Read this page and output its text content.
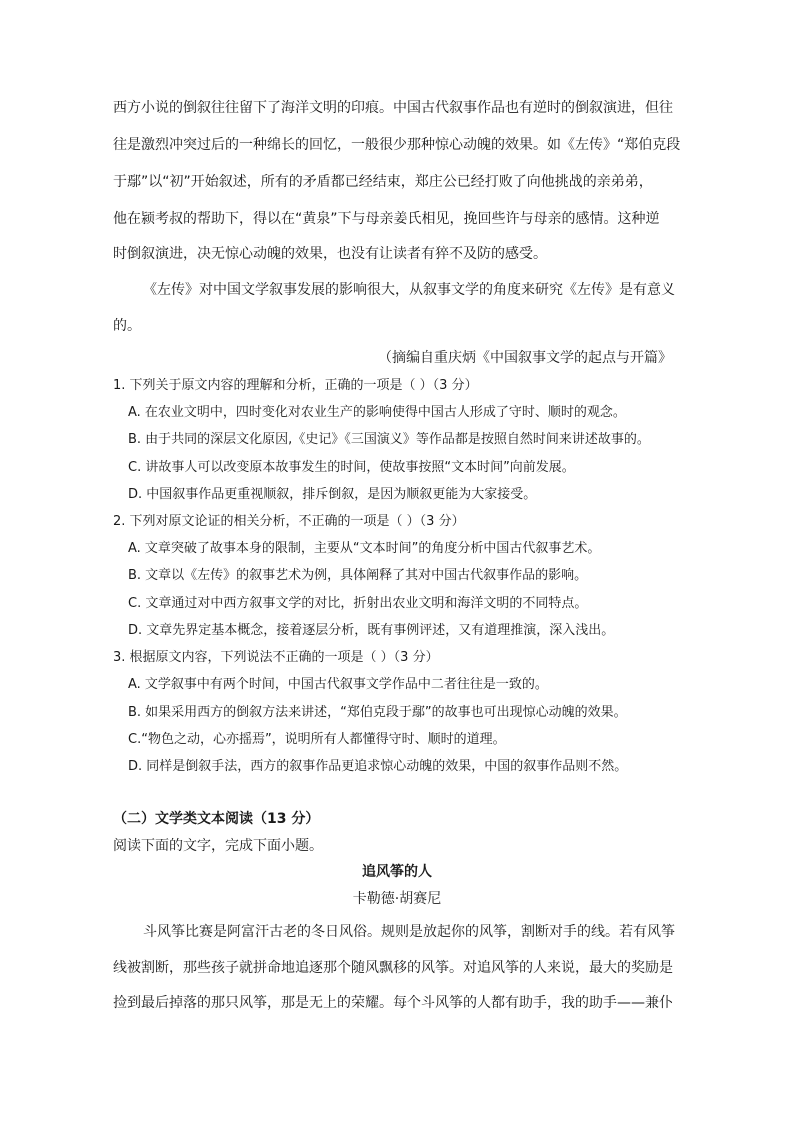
西方小说的倒叙往往留下了海洋文明的印痕。中国古代叙事作品也有逆时的倒叙演进，但往
往是激烈冲突过后的一种绵长的回忆，一般很少那种惊心动魄的效果。如《左传》“郑伯克段
于鄢”以“初”开始叙述，所有的矛盾都已经结束，郑庄公已经打败了向他挑战的亲弟弟，
他在颍考叔的帮助下，得以在“黄泉”下与母亲姜氏相见，挽回些许与母亲的感情。这种逆
时倒叙演进，决无惊心动魄的效果，也没有让读者有猝不及防的感受。
《左传》对中国文学叙事发展的影响很大，从叙事文学的角度来研究《左传》是有意义
的。
（摘编自重庆炳《中国叙事文学的起点与开篇》
1. 下列关于原文内容的理解和分析，正确的一项是（ ）（3 分）
A. 在农业文明中，四时变化对农业生产的影响使得中国古人形成了守时、顺时的观念。
B. 由于共同的深层文化原因,《史记》《三国演义》等作品都是按照自然时间来讲述故事的。
C. 讲故事人可以改变原本故事发生的时间，使故事按照“文本时间”向前发展。
D. 中国叙事作品更重视顺叙，排斥倒叙，是因为顺叙更能为大家接受。
2. 下列对原文论证的相关分析，不正确的一项是（ ）（3 分）
A. 文章突破了故事本身的限制，主要从“文本时间”的角度分析中国古代叙事艺术。
B. 文章以《左传》的叙事艺术为例，具体阐释了其对中国古代叙事作品的影响。
C. 文章通过对中西方叙事文学的对比，折射出农业文明和海洋文明的不同特点。
D. 文章先界定基本概念，接着逐层分析，既有事例评述，又有道理推演，深入浅出。
3. 根据原文内容，下列说法不正确的一项是（ ）（3 分）
A. 文学叙事中有两个时间，中国古代叙事文学作品中二者往往是一致的。
B. 如果采用西方的倒叙方法来讲述，“郑伯克段于鄢”的故事也可出现惊心动魄的效果。
C.“物色之动，心亦摇焉”，说明所有人都懂得守时、顺时的道理。
D. 同样是倒叙手法，西方的叙事作品更追求惊心动魄的效果，中国的叙事作品则不然。
（二）文学类文本阅读（13 分）
阅读下面的文字，完成下面小题。
追风筝的人
卡勒德·胡赛尼
斗风筝比赛是阿富汗古老的冬日风俗。规则是放起你的风筝，割断对手的线。若有风筝
线被割断，那些孩子就拼命地追逐那个随风飘移的风筝。对追风筝的人来说，最大的奖励是
捡到最后掉落的那只风筝，那是无上的荣耀。每个斗风筝的人都有助手，我的助手——兼仆
